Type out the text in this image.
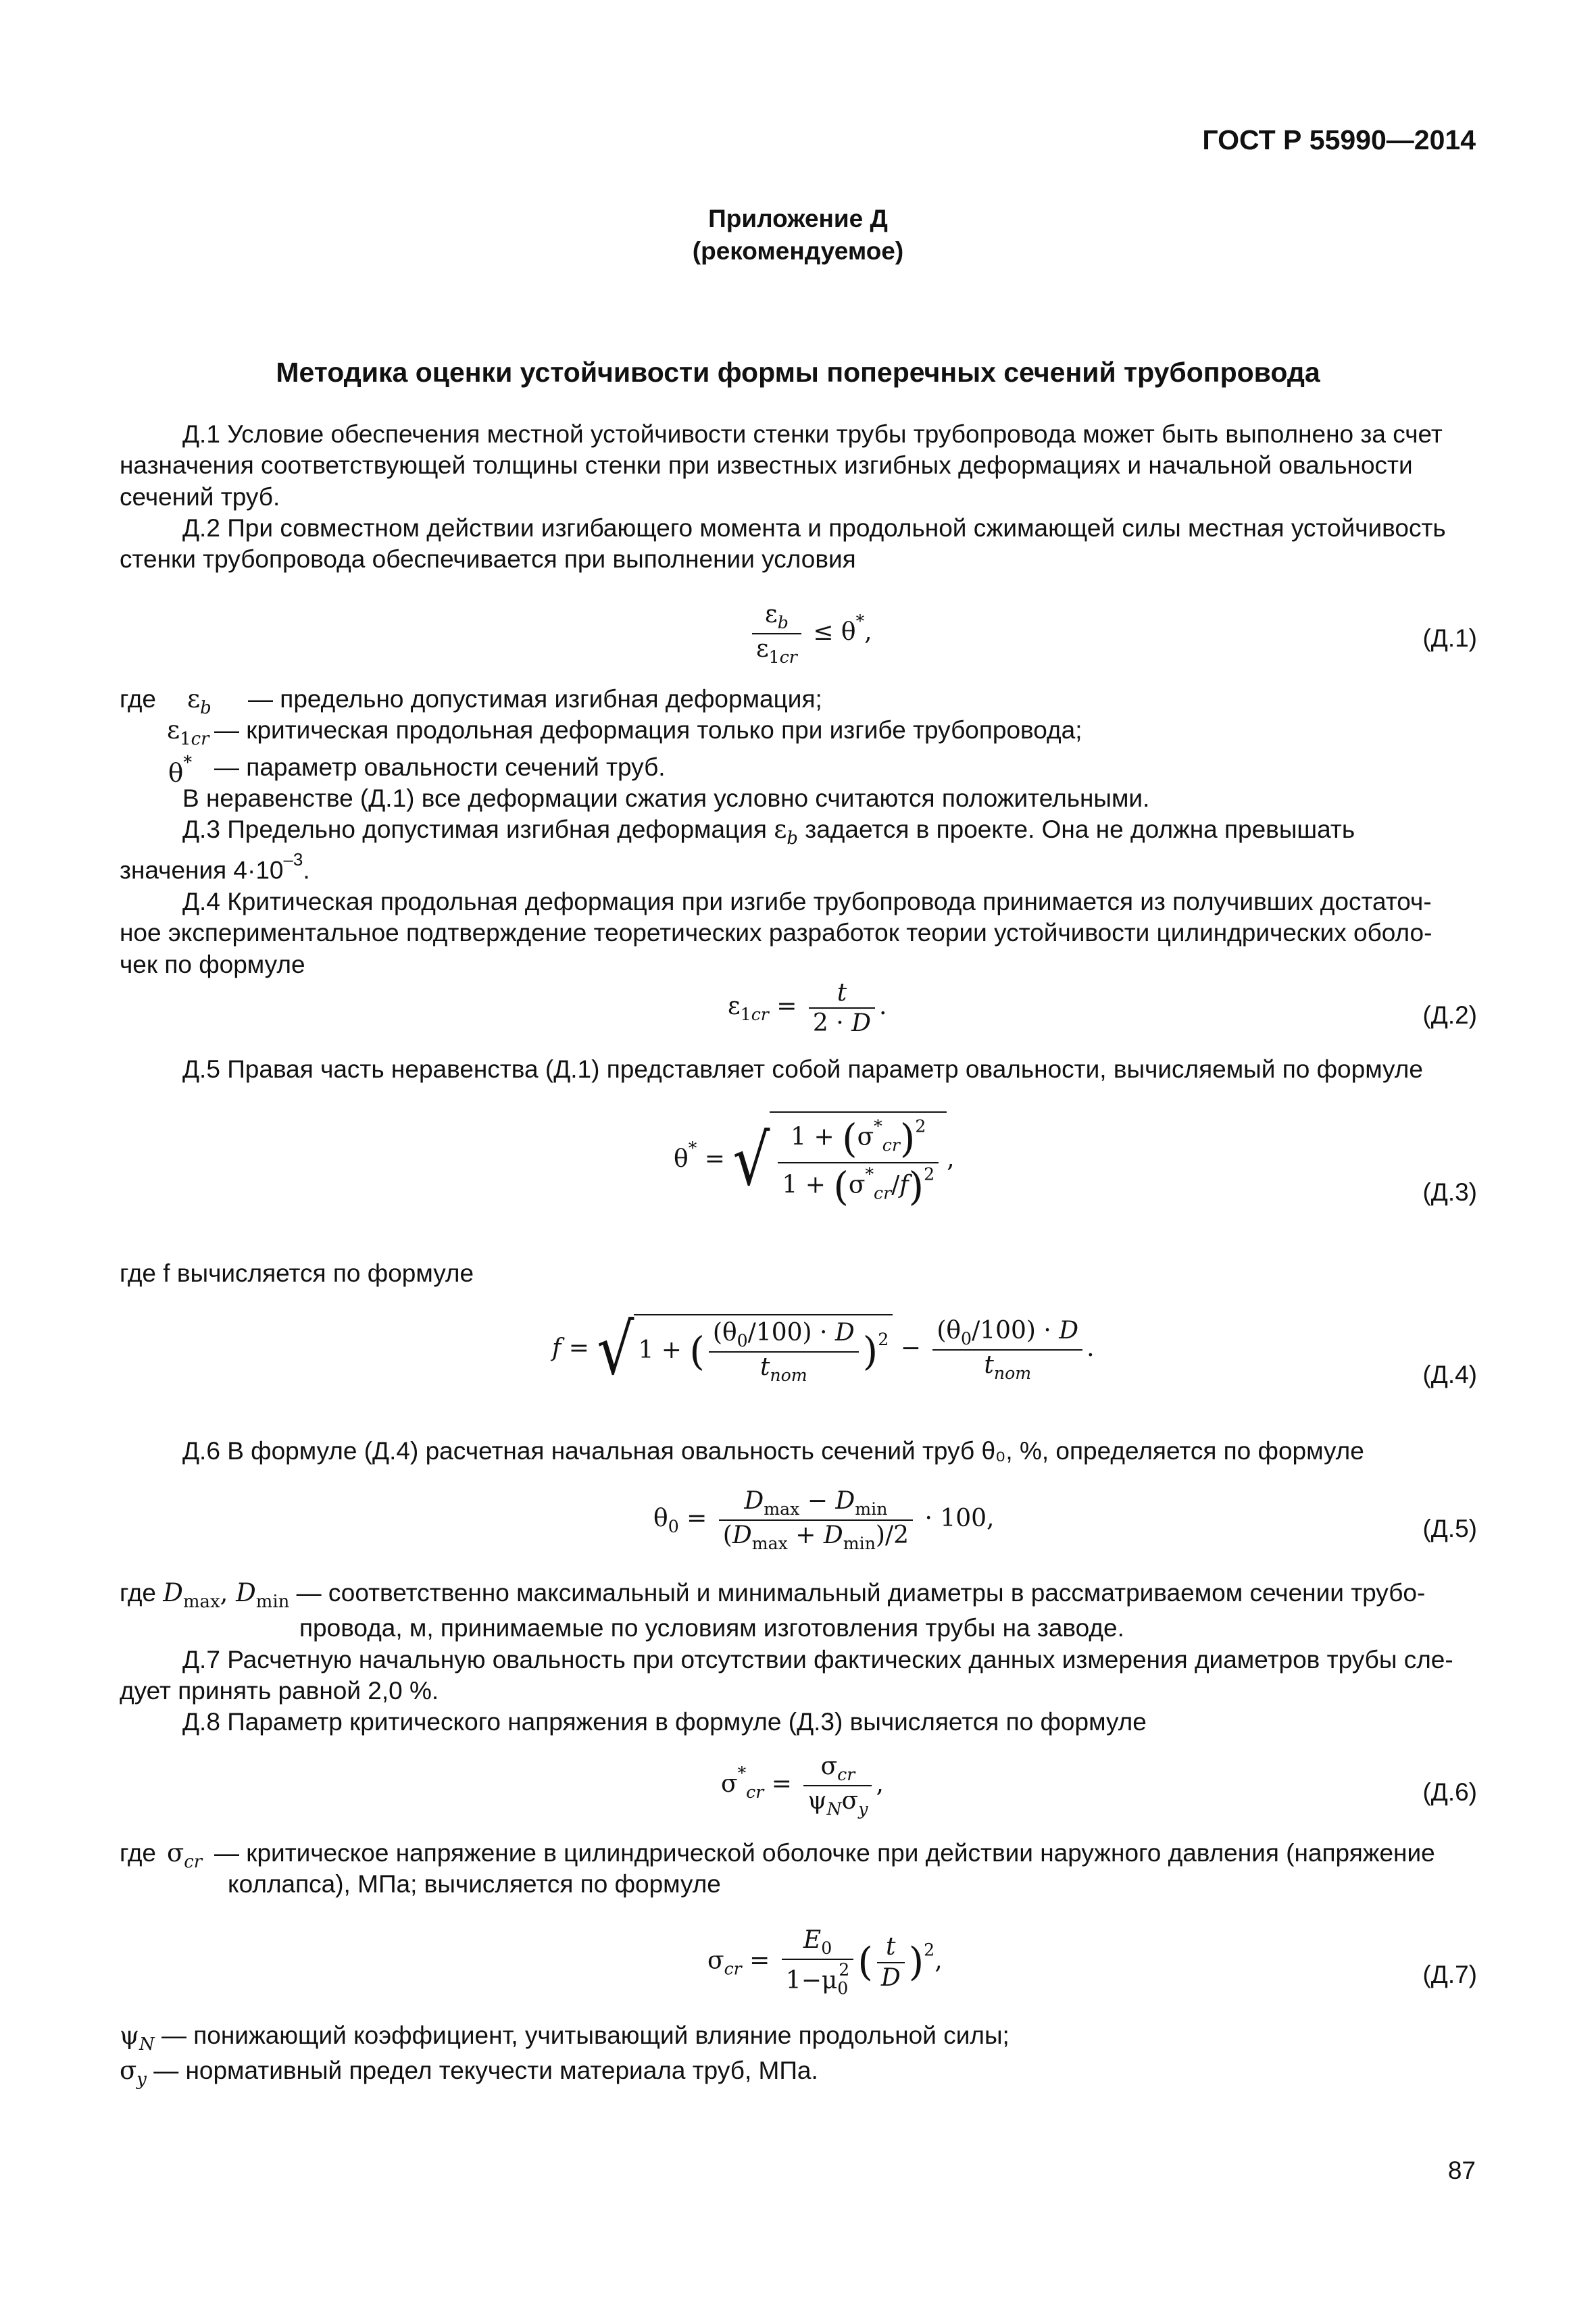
ГОСТ Р 55990—2014
Приложение Д
(рекомендуемое)
Методика оценки устойчивости формы поперечных сечений трубопровода
Д.1 Условие обеспечения местной устойчивости стенки трубы трубопровода может быть выполнено за счет
назначения соответствующей толщины стенки при известных изгибных деформациях и начальной овальности
сечений труб.
Д.2 При совместном действии изгибающего момента и продольной сжимающей силы местная устойчивость
стенки трубопровода обеспечивается при выполнении условия
$\frac{\varepsilon_b}{\varepsilon_{1cr}} \le \theta^*$,	(Д.1)
где $\varepsilon_b$ — предельно допустимая изгибная деформация;

$\varepsilon_{1cr}$ — критическая продольная деформация только при изгибе трубопровода;

θ* — параметр овальности сечений труб.

В неравенстве (Д.1) все деформации сжатия условно считаются положительными.
Д.3 Предельно допустимая изгибная деформация $\varepsilon_b$ задается в проекте. Она не должна превышать
значения $4\cdot 10^{-3}$.
Д.4 Критическая продольная деформация при изгибе трубопровода принимается из получивших достаточ-
ное экспериментальное подтверждение теоретических разработок теории устойчивости цилиндрических оболо-
чек по формуле
$\varepsilon_{1cr} = \frac{t}{2 \cdot D}$ .	(Д.2)
Д.5 Правая часть неравенства (Д.1) представляет собой параметр овальности, вычисляемый по формуле
θ* = √ $\frac{1 + (\sigma^*_{cr})^2}{1 + (\sigma^*_{cr}/f)^2}$ ,
(Д.3)
где f вычисляется по формуле
f = √ 1 + ( $\frac{(\theta_0/100) \cdot D}{t_{nom}} )^2 - \frac{(\theta_0/100) \cdot D}{t_{nom}}$ .
(Д.4)
Д.6 В формуле (Д.4) расчетная начальная овальность сечений труб θ₀, %, определяется по формуле
$\theta_0 = \frac{D_{max} - D_{min}}{(D_{max} + D_{min})/2} \cdot 100$,	(Д.5)
где $D_{max}$, $D_{min}$ — соответственно максимальный и минимальный диаметры в рассматриваемом сечении трубо-
провода, м, принимаемые по условиям изготовления трубы на заводе.
Д.7 Расчетную начальную овальность при отсутствии фактических данных измерения диаметров трубы сле-
дует принять равной 2,0 %.
Д.8 Параметр критического напряжения в формуле (Д.3) вычисляется по формуле
$\sigma^*_{cr} = \frac{\sigma_{cr}}{\psi_N\sigma_y}$ ,	(Д.6)
где $\sigma_{cr}$ — критическое напряжение в цилиндрической оболочке при действии наружного давления (напряжение

коллапса), МПа; вычисляется по формуле
$\sigma_{cr} = \frac{E_0}{1-\mu_0^2}$ ( $\frac{t}{D} )^2$,	(Д.7)
$\psi_N$ — понижающий коэффициент, учитывающий влияние продольной силы;
$\sigma_y$ — нормативный предел текучести материала труб, МПа.
87
